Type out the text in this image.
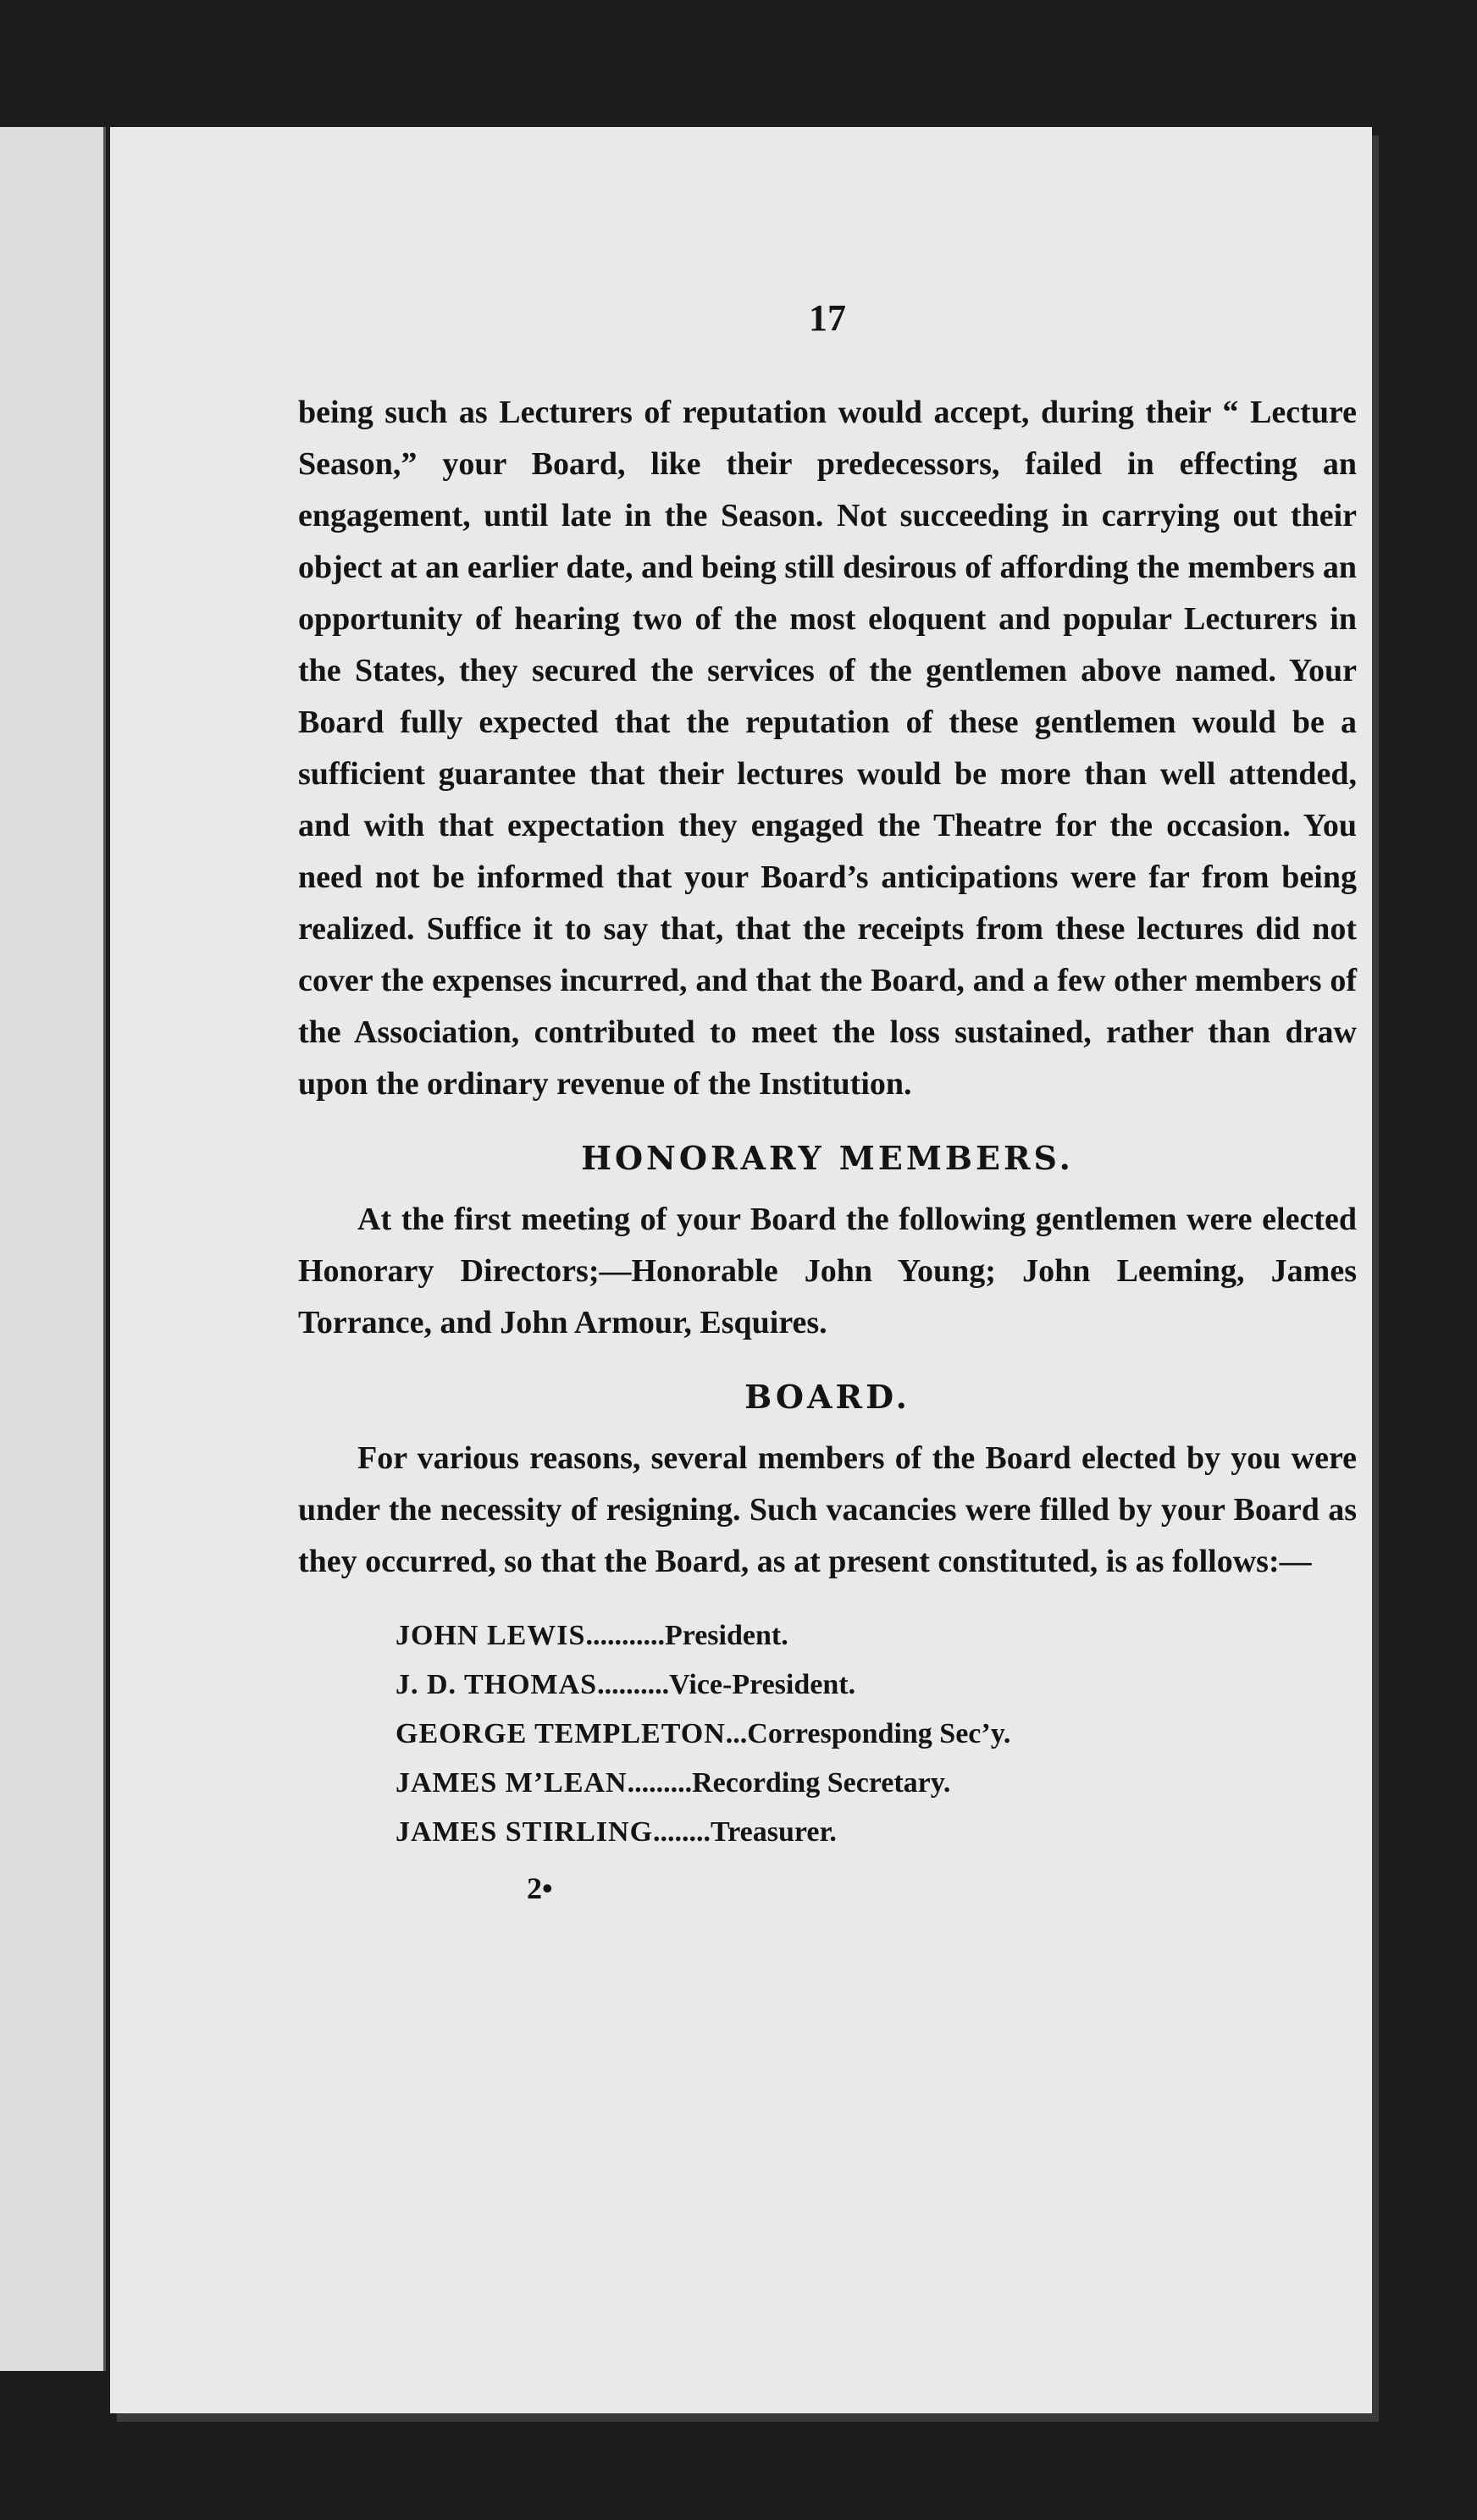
17

being such as Lecturers of reputation would accept, during their “ Lecture Season,” your Board, like their predecessors, failed in effecting an engagement, until late in the Season. Not succeeding in carrying out their object at an earlier date, and being still desirous of affording the members an opportunity of hearing two of the most eloquent and popular Lecturers in the States, they secured the services of the gentlemen above named. Your Board fully expected that the reputation of these gentlemen would be a sufficient guarantee that their lectures would be more than well attended, and with that expectation they engaged the Theatre for the occasion. You need not be informed that your Board’s anticipations were far from being realized. Suffice it to say that, that the receipts from these lectures did not cover the expenses incurred, and that the Board, and a few other members of the Association, contributed to meet the loss sustained, rather than draw upon the ordinary revenue of the Institution.

HONORARY MEMBERS.

At the first meeting of your Board the following gentlemen were elected Honorary Directors;—Honorable John Young; John Leeming, James Torrance, and John Armour, Esquires.

BOARD.

For various reasons, several members of the Board elected by you were under the necessity of resigning. Such vacancies were filled by your Board as they occurred, so that the Board, as at present constituted, is as follows:—

JOHN LEWIS...........President.
J. D. THOMAS..........Vice-President.
GEORGE TEMPLETON...Corresponding Sec’y.
JAMES M’LEAN.........Recording Secretary.
JAMES STIRLING........Treasurer.
2•
